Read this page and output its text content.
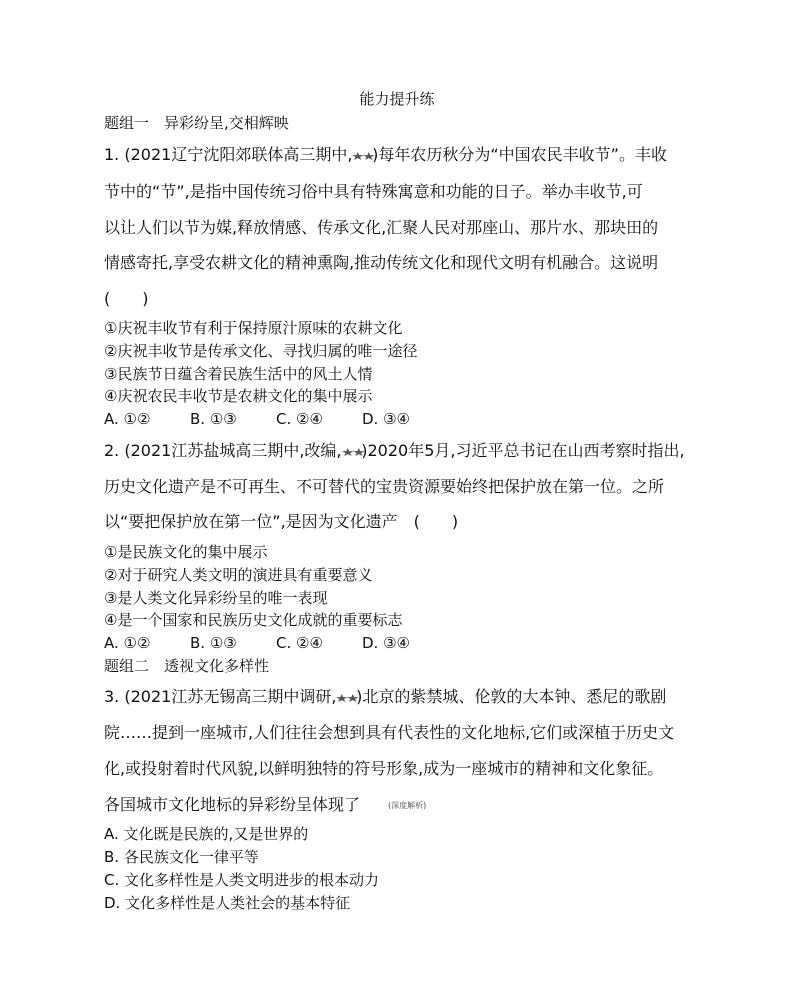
能力提升练
题组一　异彩纷呈,交相辉映
1. (2021辽宁沈阳郊联体高三期中,★★)每年农历秋分为“中国农民丰收节”。丰收
节中的“节”,是指中国传统习俗中具有特殊寓意和功能的日子。举办丰收节,可
以让人们以节为媒,释放情感、传承文化,汇聚人民对那座山、那片水、那块田的
情感寄托,享受农耕文化的精神熏陶,推动传统文化和现代文明有机融合。这说明
(　　)
①庆祝丰收节有利于保持原汁原味的农耕文化
②庆祝丰收节是传承文化、寻找归属的唯一途径
③民族节日蕴含着民族生活中的风土人情
④庆祝农民丰收节是农耕文化的集中展示
A. ①②	B. ①③	C. ②④	D. ③④
2. (2021江苏盐城高三期中,改编,★★)2020年5月,习近平总书记在山西考察时指出,
历史文化遗产是不可再生、不可替代的宝贵资源要始终把保护放在第一位。之所
以“要把保护放在第一位”,是因为文化遗产　(　　)
①是民族文化的集中展示
②对于研究人类文明的演进具有重要意义
③是人类文化异彩纷呈的唯一表现
④是一个国家和民族历史文化成就的重要标志
A. ①②	B. ①③	C. ②④	D. ③④
题组二　透视文化多样性
3. (2021江苏无锡高三期中调研,★★)北京的紫禁城、伦敦的大本钟、悉尼的歌剧
院……提到一座城市,人们往往会想到具有代表性的文化地标,它们或深植于历史文
化,或投射着时代风貌,以鲜明独特的符号形象,成为一座城市的精神和文化象征。
各国城市文化地标的异彩纷呈体现了	(深度解析)
A. 文化既是民族的,又是世界的
B. 各民族文化一律平等
C. 文化多样性是人类文明进步的根本动力
D. 文化多样性是人类社会的基本特征
